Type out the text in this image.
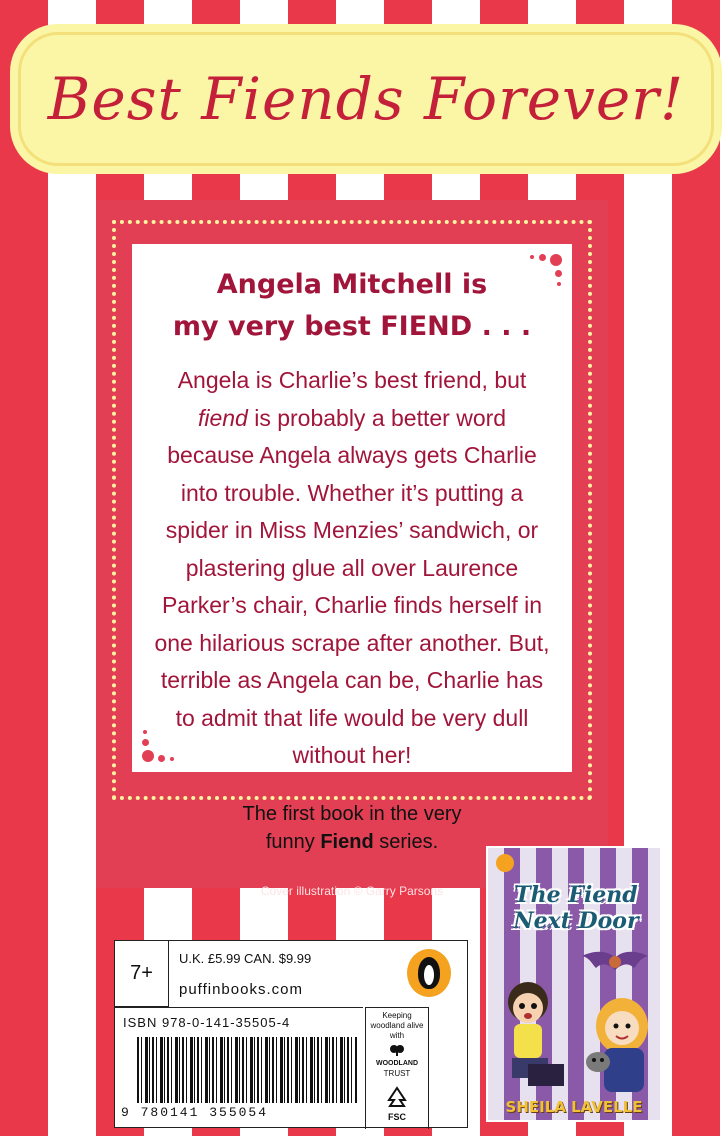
Best Fiends Forever!
Angela Mitchell is
my very best FIEND . . .
Angela is Charlie’s best friend, but fiend is probably a better word because Angela always gets Charlie into trouble. Whether it’s putting a spider in Miss Menzies’ sandwich, or plastering glue all over Laurence Parker’s chair, Charlie finds herself in one hilarious scrape after another. But, terrible as Angela can be, Charlie has to admit that life would be very dull without her!
The first book in the very
funny Fiend series.
Cover illustration © Garry Parsons
7+
U.K. £5.99 CAN. $9.99
puffinbooks.com
ISBN 978-0-141-35505-4
9 780141 355054
Keeping woodland alive with
WOODLAND
TRUST
FSC
The Fiend Next Door
SHEILA LAVELLE
